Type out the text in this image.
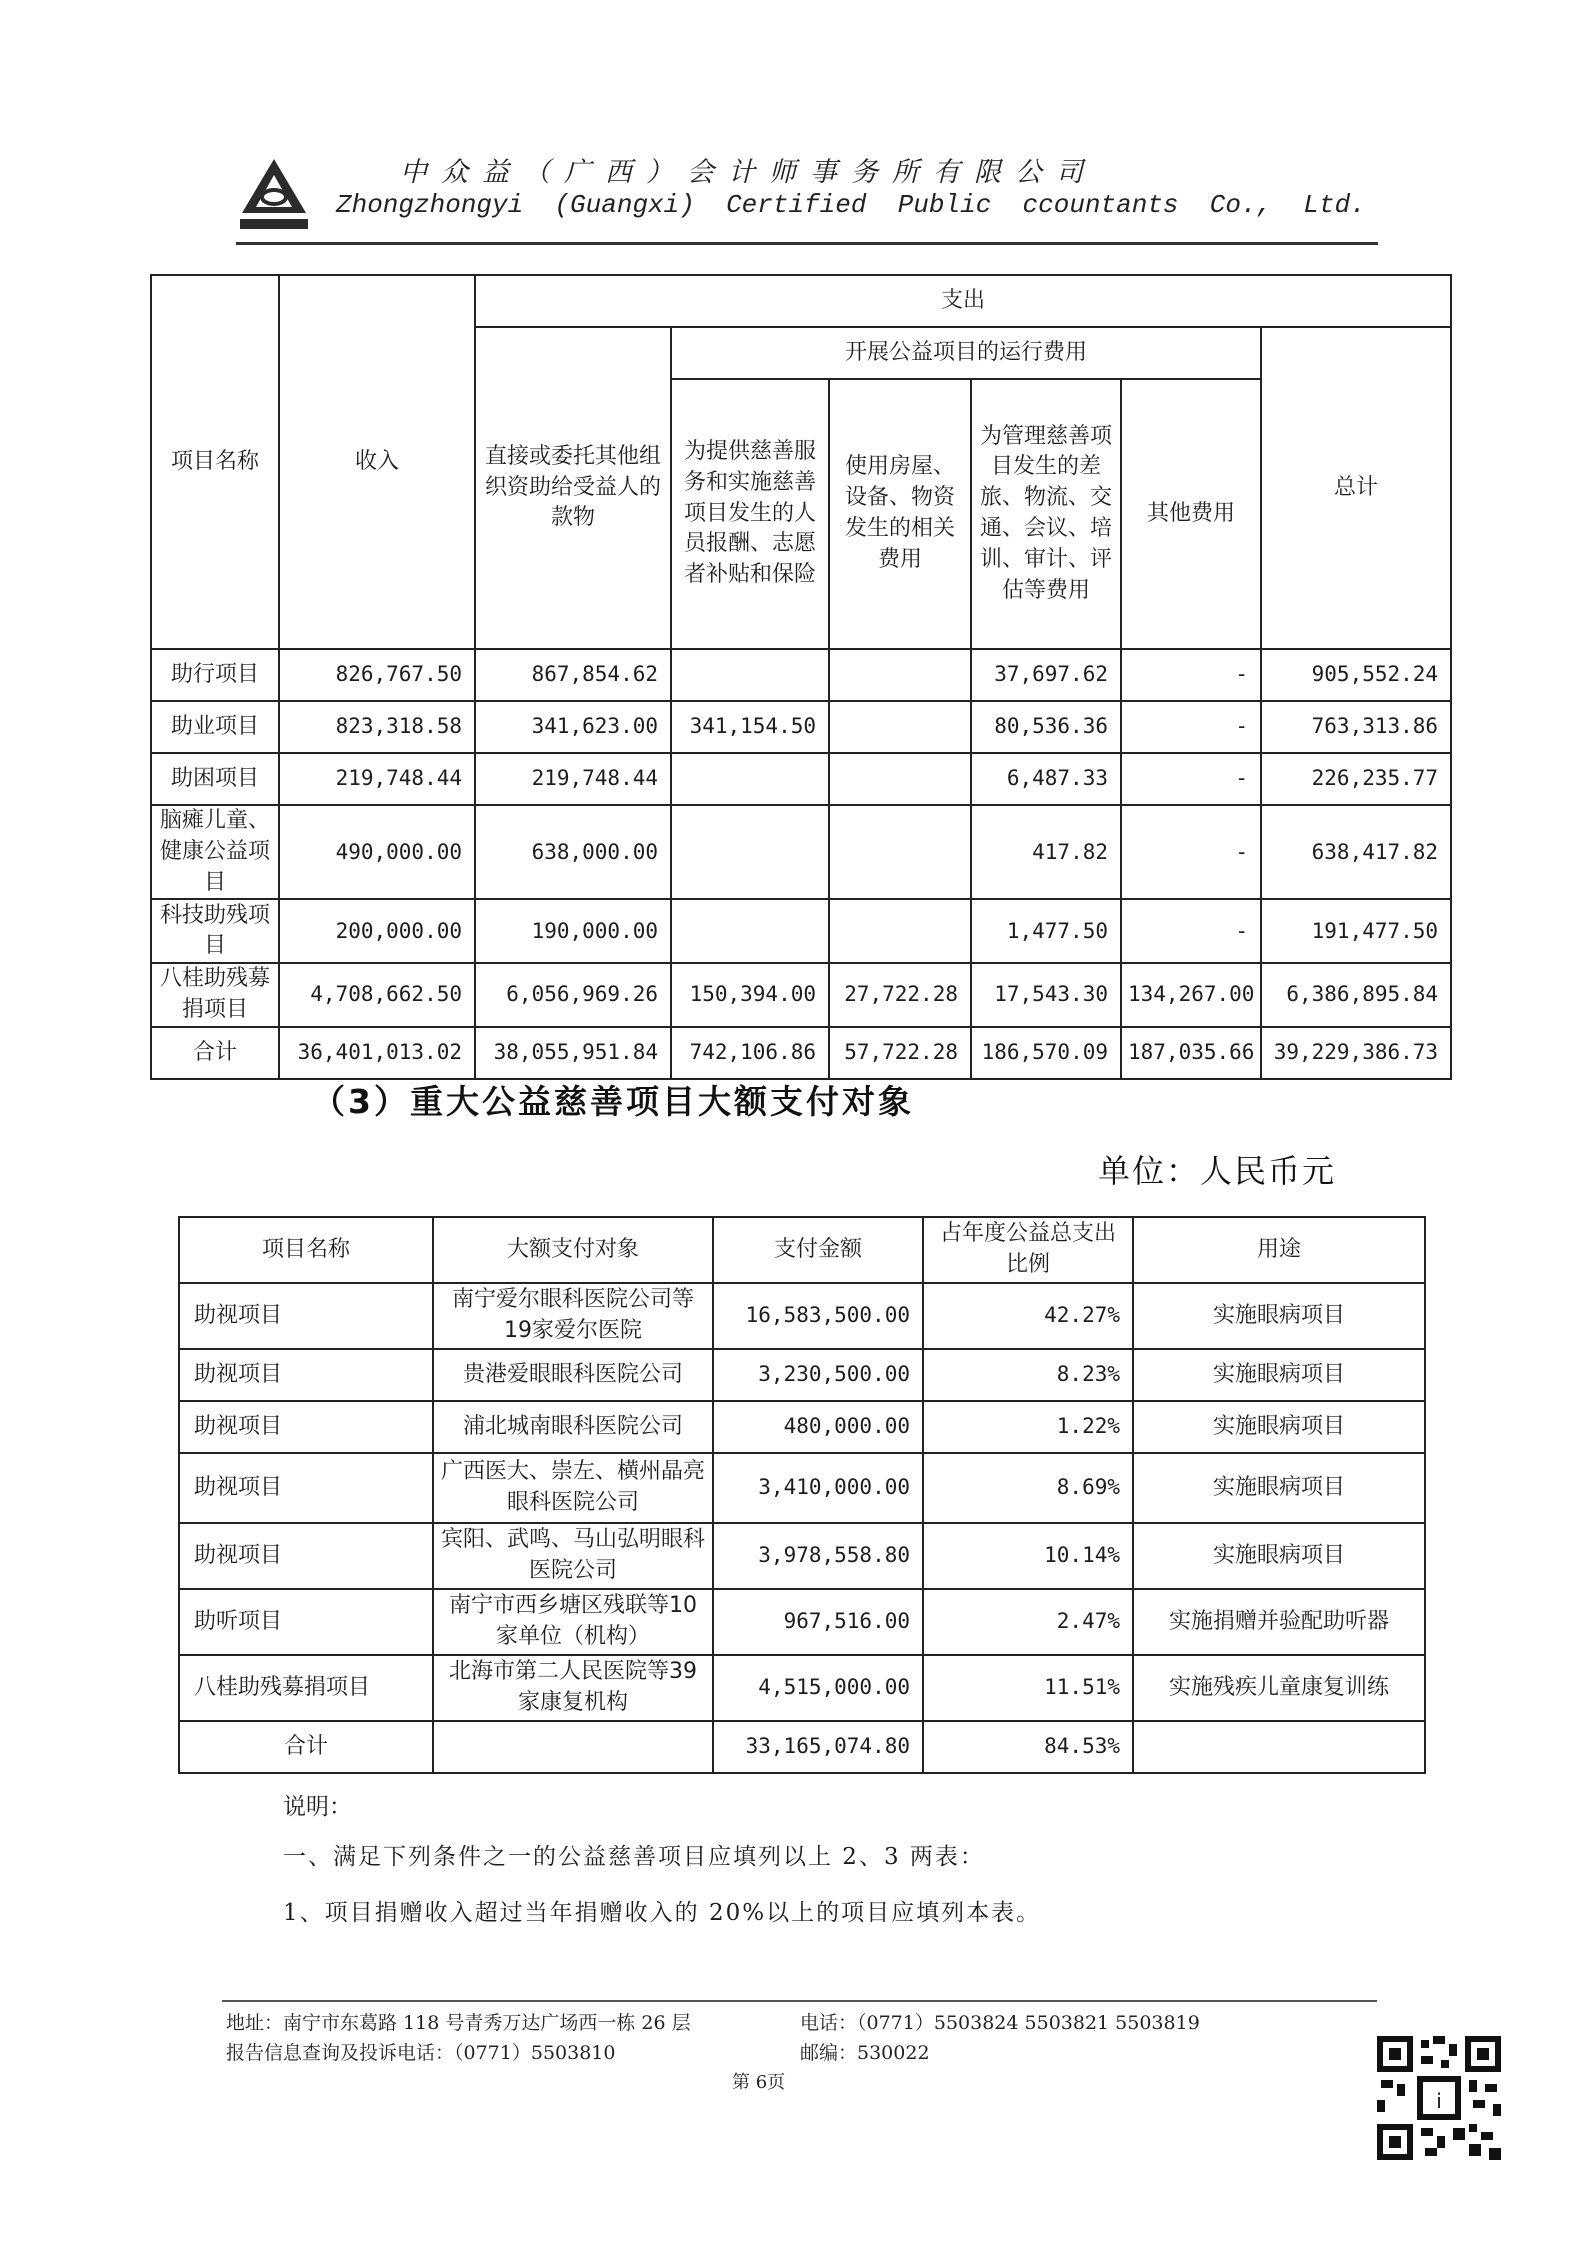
中众益（广西）会计师事务所有限公司
Zhongzhongyi  (Guangxi)  Certified  Public  ccountants  Co.,  Ltd.
项目名称	收入	支出					
		直接或委托其他组织资助给受益人的款物	开展公益项目的运行费用				总计
			为提供慈善服务和实施慈善项目发生的人员报酬、志愿者补贴和保险	使用房屋、设备、物资发生的相关费用	为管理慈善项目发生的差旅、物流、交通、会议、培训、审计、评估等费用	其他费用	
助行项目	826,767.50	867,854.62			37,697.62	-	905,552.24
助业项目	823,318.58	341,623.00	341,154.50		80,536.36	-	763,313.86
助困项目	219,748.44	219,748.44			6,487.33	-	226,235.77
脑瘫儿童、健康公益项目	490,000.00	638,000.00			417.82	-	638,417.82
科技助残项目	200,000.00	190,000.00			1,477.50	-	191,477.50
八桂助残募捐项目	4,708,662.50	6,056,969.26	150,394.00	27,722.28	17,543.30	134,267.00	6,386,895.84
合计	36,401,013.02	38,055,951.84	742,106.86	57,722.28	186,570.09	187,035.66	39,229,386.73
（3）重大公益慈善项目大额支付对象
单位：人民币元
项目名称	大额支付对象	支付金额	占年度公益总支出比例	用途
助视项目	南宁爱尔眼科医院公司等19家爱尔医院	16,583,500.00	42.27%	实施眼病项目
助视项目	贵港爱眼眼科医院公司	3,230,500.00	8.23%	实施眼病项目
助视项目	浦北城南眼科医院公司	480,000.00	1.22%	实施眼病项目
助视项目	广西医大、崇左、横州晶亮眼科医院公司	3,410,000.00	8.69%	实施眼病项目
助视项目	宾阳、武鸣、马山弘明眼科医院公司	3,978,558.80	10.14%	实施眼病项目
助听项目	南宁市西乡塘区残联等10家单位（机构）	967,516.00	2.47%	实施捐赠并验配助听器
八桂助残募捐项目	北海市第二人民医院等39家康复机构	4,515,000.00	11.51%	实施残疾儿童康复训练
合计		33,165,074.80	84.53%	
说明：
一、满足下列条件之一的公益慈善项目应填列以上 2、3 两表：
1、项目捐赠收入超过当年捐赠收入的 20%以上的项目应填列本表。
地址：南宁市东葛路 118 号青秀万达广场西一栋 26 层	电话：（0771）5503824 5503821 5503819
报告信息查询及投诉电话：（0771）5503810	邮编：530022
第 6页
i
